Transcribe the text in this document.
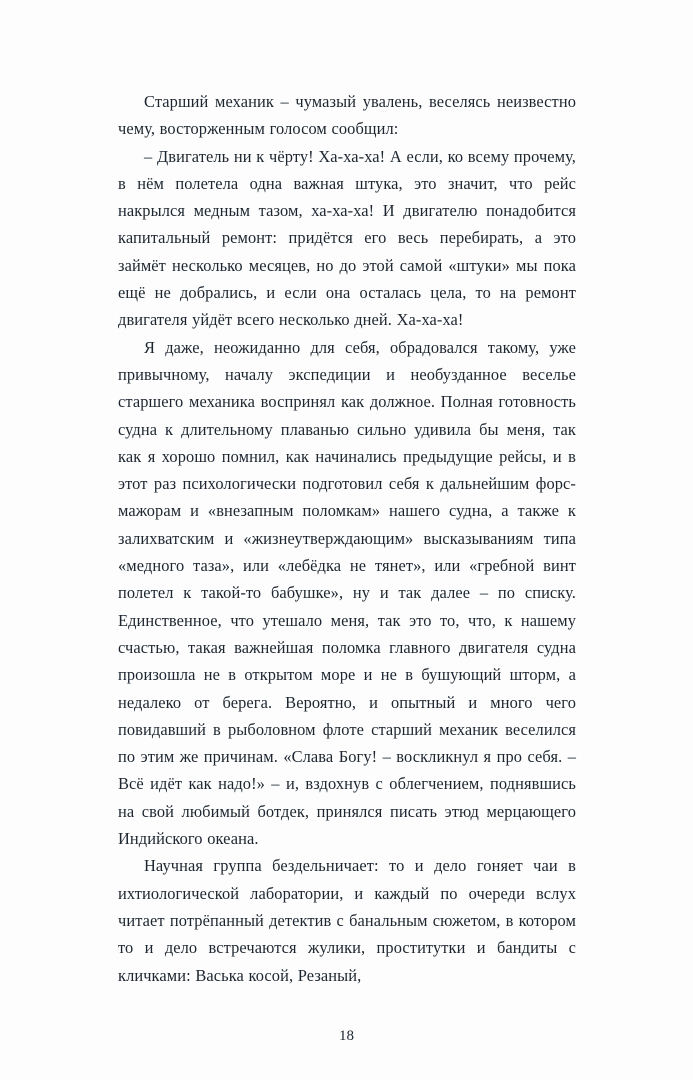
Старший механик – чумазый увалень, веселясь неизвестно чему, восторженным голосом сообщил:

– Двигатель ни к чёрту! Ха-ха-ха! А если, ко всему прочему, в нём полетела одна важная штука, это значит, что рейс накрылся медным тазом, ха-ха-ха! И двигателю понадобится капитальный ремонт: придётся его весь перебирать, а это займёт несколько месяцев, но до этой самой «штуки» мы пока ещё не добрались, и если она осталась цела, то на ремонт двигателя уйдёт всего несколько дней. Ха-ха-ха!

Я даже, неожиданно для себя, обрадовался такому, уже привычному, началу экспедиции и необузданное веселье старшего механика воспринял как должное. Полная готовность судна к длительному плаванью сильно удивила бы меня, так как я хорошо помнил, как начинались предыдущие рейсы, и в этот раз психологически подготовил себя к дальнейшим форс-мажорам и «внезапным поломкам» нашего судна, а также к залихватским и «жизнеутверждающим» высказываниям типа «медного таза», или «лебёдка не тянет», или «гребной винт полетел к такой-то бабушке», ну и так далее – по списку. Единственное, что утешало меня, так это то, что, к нашему счастью, такая важнейшая поломка главного двигателя судна произошла не в открытом море и не в бушующий шторм, а недалеко от берега. Вероятно, и опытный и много чего повидавший в рыболовном флоте старший механик веселился по этим же причинам. «Слава Богу! – воскликнул я про себя. – Всё идёт как надо!» – и, вздохнув с облегчением, поднявшись на свой любимый ботдек, принялся писать этюд мерцающего Индийского океана.

Научная группа бездельничает: то и дело гоняет чаи в ихтиологической лаборатории, и каждый по очереди вслух читает потрёпанный детектив с банальным сюжетом, в котором то и дело встречаются жулики, проститутки и бандиты с кличками: Васька косой, Резаный,

18
